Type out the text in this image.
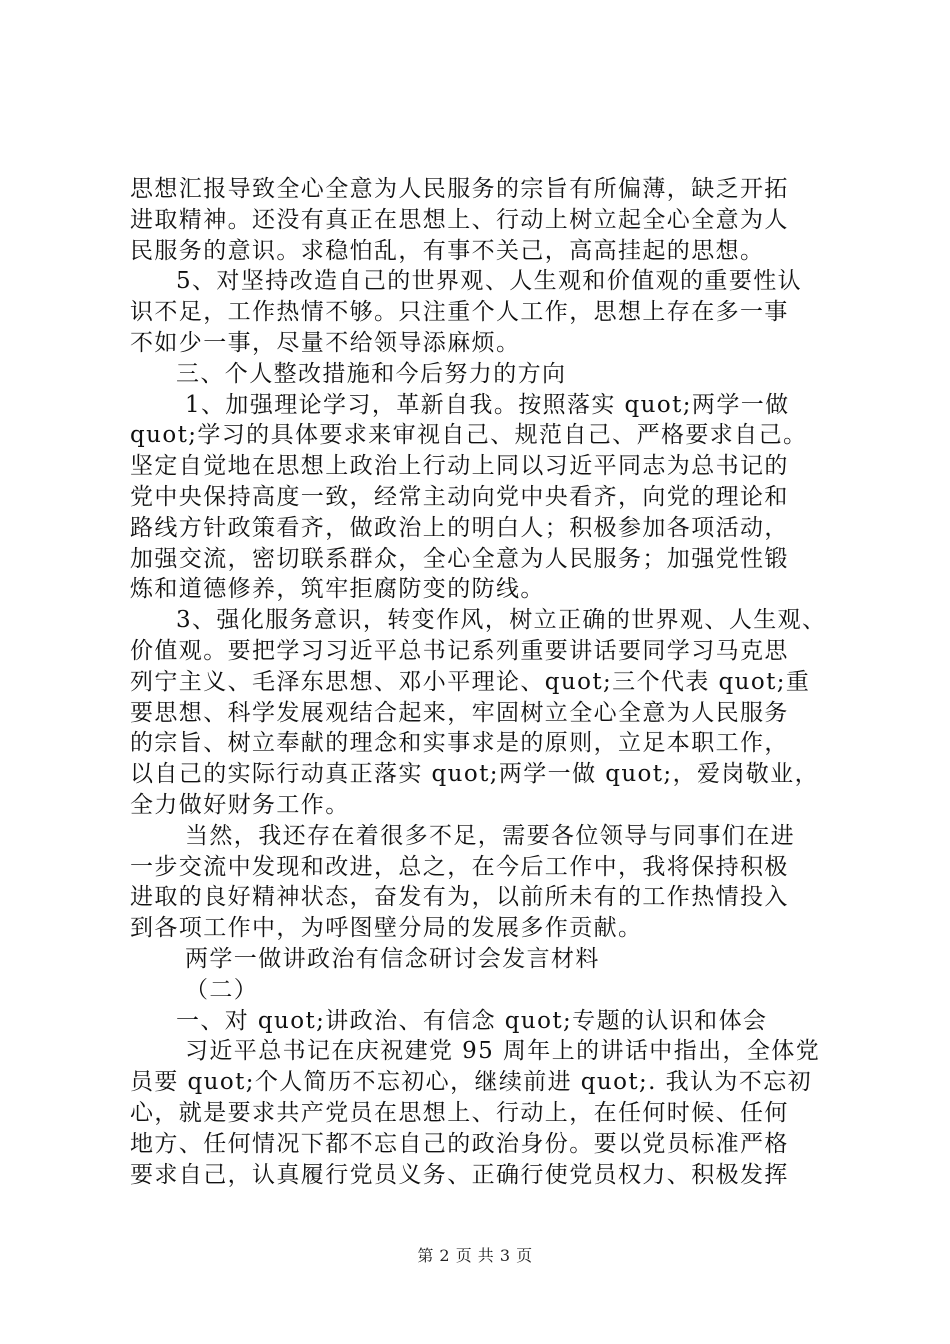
思想汇报导致全心全意为人民服务的宗旨有所偏薄，缺乏开拓
进取精神。还没有真正在思想上、行动上树立起全心全意为人
民服务的意识。求稳怕乱，有事不关己，高高挂起的思想。
5、对坚持改造自己的世界观、人生观和价值观的重要性认
识不足，工作热情不够。只注重个人工作，思想上存在多一事
不如少一事，尽量不给领导添麻烦。
三、个人整改措施和今后努力的方向
1、加强理论学习，革新自我。按照落实 quot;两学一做
quot;学习的具体要求来审视自己、规范自己、严格要求自己。
坚定自觉地在思想上政治上行动上同以习近平同志为总书记的
党中央保持高度一致，经常主动向党中央看齐，向党的理论和
路线方针政策看齐，做政治上的明白人；积极参加各项活动，
加强交流，密切联系群众，全心全意为人民服务；加强党性锻
炼和道德修养，筑牢拒腐防变的防线。
3、强化服务意识，转变作风，树立正确的世界观、人生观、
价值观。要把学习习近平总书记系列重要讲话要同学习马克思
列宁主义、毛泽东思想、邓小平理论、quot;三个代表 quot;重
要思想、科学发展观结合起来，牢固树立全心全意为人民服务
的宗旨、树立奉献的理念和实事求是的原则，立足本职工作，
以自己的实际行动真正落实 quot;两学一做 quot;，爱岗敬业，
全力做好财务工作。
当然，我还存在着很多不足，需要各位领导与同事们在进
一步交流中发现和改进，总之，在今后工作中，我将保持积极
进取的良好精神状态，奋发有为，以前所未有的工作热情投入
到各项工作中，为呼图壁分局的发展多作贡献。
两学一做讲政治有信念研讨会发言材料
（二）
一、对 quot;讲政治、有信念 quot;专题的认识和体会
习近平总书记在庆祝建党 95 周年上的讲话中指出，全体党
员要 quot;个人简历不忘初心，继续前进 quot;. 我认为不忘初
心，就是要求共产党员在思想上、行动上，在任何时候、任何
地方、任何情况下都不忘自己的政治身份。要以党员标准严格
要求自己，认真履行党员义务、正确行使党员权力、积极发挥
第 2 页 共 3 页
